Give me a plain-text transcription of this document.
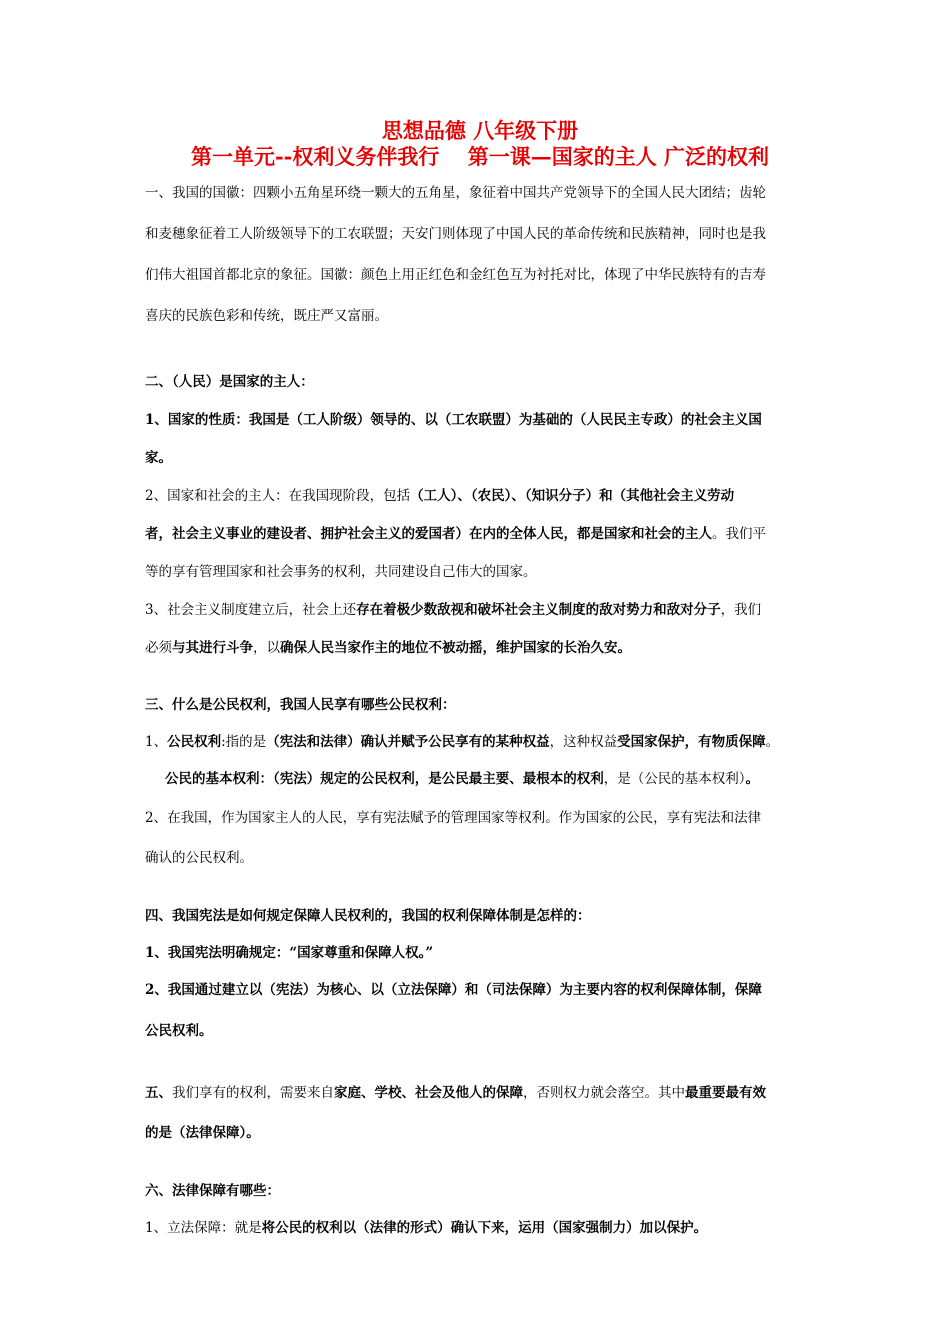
思想品德 八年级下册
第一单元--权利义务伴我行　 第一课—国家的主人 广泛的权利
一、我国的国徽：四颗小五角星环绕一颗大的五角星，象征着中国共产党领导下的全国人民大团结；齿轮
和麦穗象征着工人阶级领导下的工农联盟；天安门则体现了中国人民的革命传统和民族精神，同时也是我
们伟大祖国首都北京的象征。国徽：颜色上用正红色和金红色互为衬托对比，体现了中华民族特有的吉寿
喜庆的民族色彩和传统，既庄严又富丽。
二、（人民）是国家的主人：
1、国家的性质：我国是（工人阶级）领导的、以（工农联盟）为基础的（人民民主专政）的社会主义国
家。
2、国家和社会的主人：在我国现阶段，包括（工人）、（农民）、（知识分子）和（其他社会主义劳动
者，社会主义事业的建设者、拥护社会主义的爱国者）在内的全体人民，都是国家和社会的主人。我们平
等的享有管理国家和社会事务的权利，共同建设自己伟大的国家。
3、社会主义制度建立后，社会上还存在着极少数敌视和破坏社会主义制度的敌对势力和敌对分子，我们
必须与其进行斗争，以确保人民当家作主的地位不被动摇，维护国家的长治久安。
三、什么是公民权利，我国人民享有哪些公民权利：
1、公民权利:指的是（宪法和法律）确认并赋予公民享有的某种权益，这种权益受国家保护，有物质保障。
公民的基本权利：（宪法）规定的公民权利，是公民最主要、最根本的权利，是（公民的基本权利）。
2、在我国，作为国家主人的人民，享有宪法赋予的管理国家等权利。作为国家的公民，享有宪法和法律
确认的公民权利。
四、我国宪法是如何规定保障人民权利的，我国的权利保障体制是怎样的：
1、我国宪法明确规定：“国家尊重和保障人权。”
2、我国通过建立以（宪法）为核心、以（立法保障）和（司法保障）为主要内容的权利保障体制，保障
公民权利。
五、我们享有的权利，需要来自家庭、学校、社会及他人的保障，否则权力就会落空。其中最重要最有效
的是（法律保障）。
六、法律保障有哪些：
1、立法保障：就是将公民的权利以（法律的形式）确认下来，运用（国家强制力）加以保护。
